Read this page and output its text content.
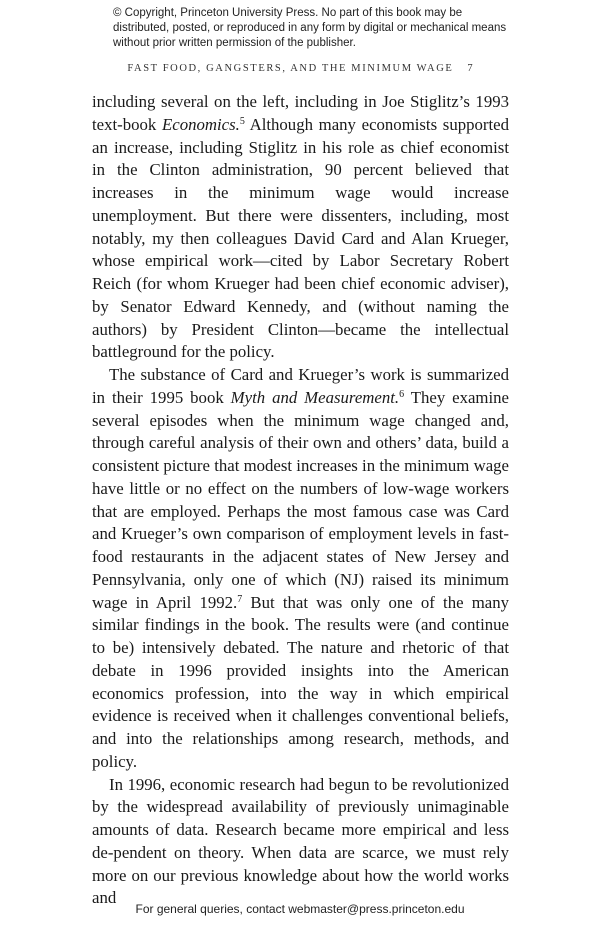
© Copyright, Princeton University Press. No part of this book may be distributed, posted, or reproduced in any form by digital or mechanical means without prior written permission of the publisher.
FAST FOOD, GANGSTERS, AND THE MINIMUM WAGE 7

including several on the left, including in Joe Stiglitz’s 1993 text-book Economics.$^5$ Although many economists supported an increase, including Stiglitz in his role as chief economist in the Clinton administration, 90 percent believed that increases in the minimum wage would increase unemployment. But there were dissenters, including, most notably, my then colleagues David Card and Alan Krueger, whose empirical work—cited by Labor Secretary Robert Reich (for whom Krueger had been chief economic adviser), by Senator Edward Kennedy, and (without naming the authors) by President Clinton—became the intellectual battleground for the policy.

The substance of Card and Krueger’s work is summarized in their 1995 book Myth and Measurement.$^6$ They examine several episodes when the minimum wage changed and, through careful analysis of their own and others’ data, build a consistent picture that modest increases in the minimum wage have little or no effect on the numbers of low-wage workers that are employed. Perhaps the most famous case was Card and Krueger’s own comparison of employment levels in fast-food restaurants in the adjacent states of New Jersey and Pennsylvania, only one of which (NJ) raised its minimum wage in April 1992.$^7$ But that was only one of the many similar findings in the book. The results were (and continue to be) intensively debated. The nature and rhetoric of that debate in 1996 provided insights into the American economics profession, into the way in which empirical evidence is received when it challenges conventional beliefs, and into the relationships among research, methods, and policy.

In 1996, economic research had begun to be revolutionized by the widespread availability of previously unimaginable amounts of data. Research became more empirical and less de-pendent on theory. When data are scarce, we must rely more on our previous knowledge about how the world works and

For general queries, contact webmaster@press.princeton.edu
